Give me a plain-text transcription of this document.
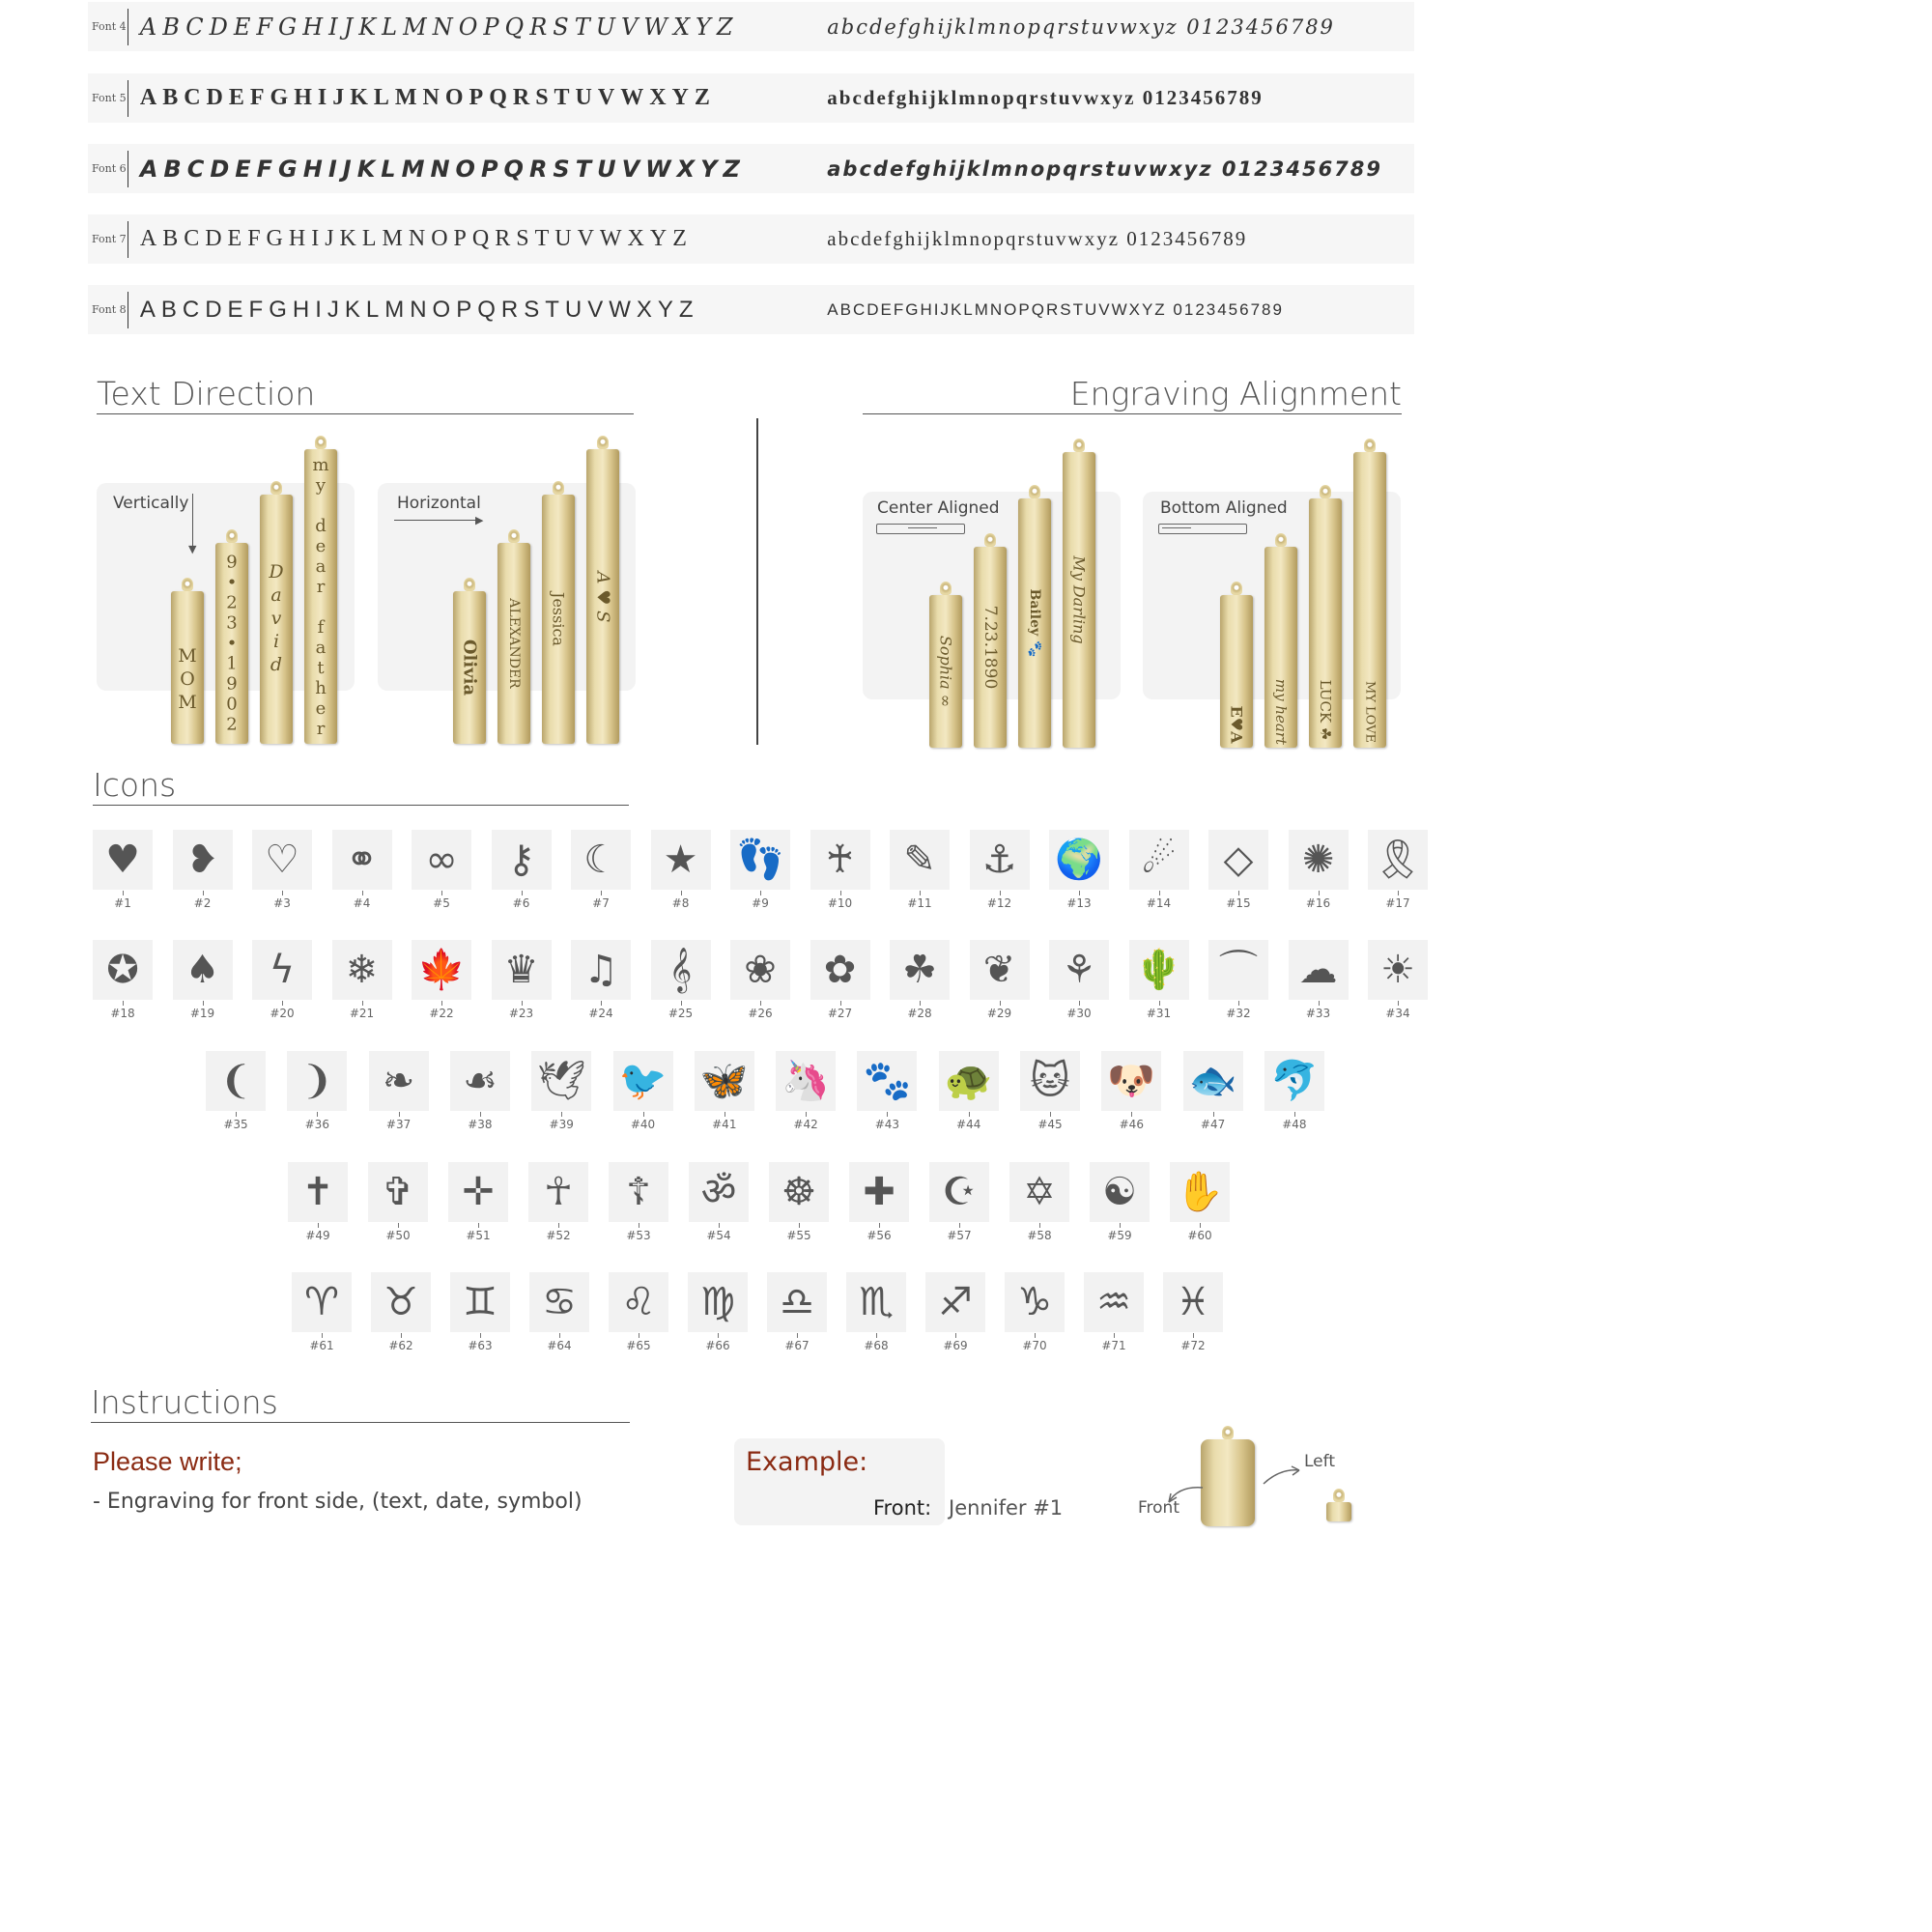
Font 4 ABCDEFGHIJKLMNOPQRSTUVWXYZ	abcdefghijklmnopqrstuvwxyz 0123456789
Font 5 ABCDEFGHIJKLMNOPQRSTUVWXYZ	abcdefghijklmnopqrstuvwxyz 0123456789
Font 6 ABCDEFGHIJKLMNOPQRSTUVWXYZ	abcdefghijklmnopqrstuvwxyz 0123456789
Font 7 ABCDEFGHIJKLMNOPQRSTUVWXYZ	abcdefghijklmnopqrstuvwxyz 0123456789
Font 8 ABCDEFGHIJKLMNOPQRSTUVWXYZ	ABCDEFGHIJKLMNOPQRSTUVWXYZ 0123456789
Text Direction	Engraving Alignment
Vertically
▼
Horizontal
▶
MOM 9•23•1902 David my dear father	Olivia ALEXANDER Jessica A ♥ S
Center Aligned	Bottom Aligned
Sophia ∞ 7.23.1890 Bailey 🐾 My Darling
E♥A my heart LUCK ☘ MY LOVE
Icons
♥
#1
❥
#2
♡
#3
⚭
#4
∞
#5
⚷
#6
☾
#7
★
#8
👣
#9
♰
#10
✎
#11
⚓
#12
🌍
#13
☄
#14
◇
#15
✺
#16
🎗
#17
✪
#18
♠
#19
ϟ
#20
❄
#21
🍁
#22
♛
#23
♫
#24
𝄞
#25
❀
#26
✿
#27
☘
#28
❦
#29
⚘
#30
🌵
#31
⌒
#32
☁
#33
☀
#34
❨
#35
❩
#36
❧
#37
☙
#38
🕊
#39
🐦
#40
🦋
#41
🦄
#42
🐾
#43
🐢
#44
🐱
#45
🐶
#46
🐟
#47
🐬
#48
✝
#49
✞
#50
✛
#51
☥
#52
☦
#53
ॐ
#54
☸
#55
✚
#56
☪
#57
✡
#58
☯
#59
✋
#60
♈
#61
♉
#62
♊
#63
♋
#64
♌
#65
♍
#66
♎
#67
♏
#68
♐
#69
♑
#70
♒
#71
♓
#72
Instructions
Please write;
- Engraving for front side, (text, date, symbol)
Example:
Front: Jennifer #1
Left
Front
